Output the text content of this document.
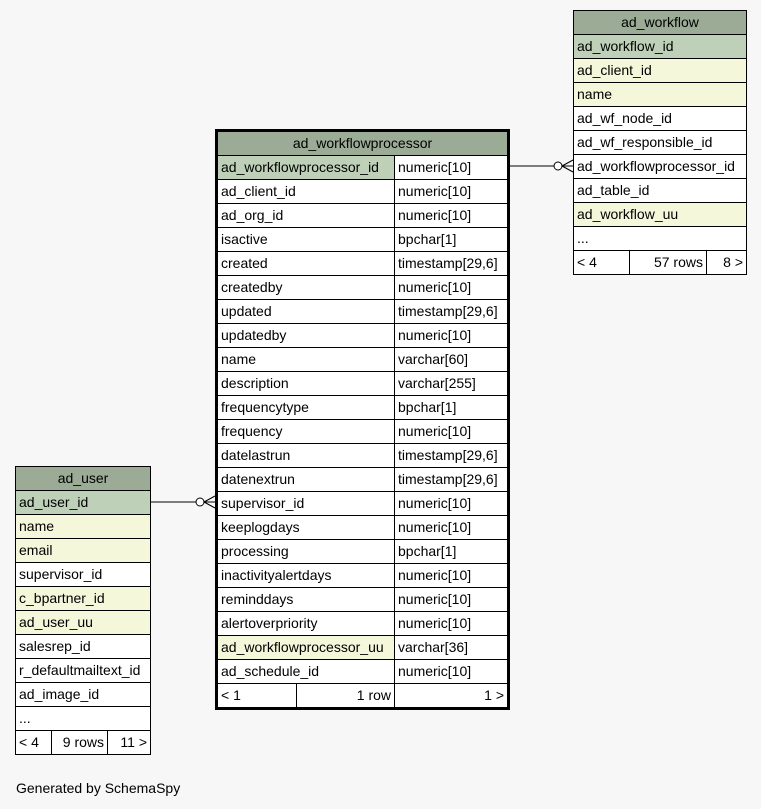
ad_workflow
ad_workflow_id
ad_client_id
name
ad_wf_node_id
ad_wf_responsible_id
ad_workflowprocessor_id
ad_table_id
ad_workflow_uu
...
< 4	57 rows	8 >
ad_workflowprocessor		
ad_workflowprocessor_id		numeric[10]
ad_client_id		numeric[10]
ad_org_id		numeric[10]
isactive		bpchar[1]
created		timestamp[29,6]
createdby		numeric[10]
updated		timestamp[29,6]
updatedby		numeric[10]
name		varchar[60]
description		varchar[255]
frequencytype		bpchar[1]
frequency		numeric[10]
datelastrun		timestamp[29,6]
datenextrun		timestamp[29,6]
supervisor_id		numeric[10]
keeplogdays		numeric[10]
processing		bpchar[1]
inactivityalertdays		numeric[10]
reminddays		numeric[10]
alertoverpriority		numeric[10]
ad_workflowprocessor_uu		varchar[36]
ad_schedule_id		numeric[10]
< 1	1 row	1 >
ad_user
ad_user_id
name
email
supervisor_id
c_bpartner_id
ad_user_uu
salesrep_id
r_defaultmailtext_id
ad_image_id
...
< 4	9 rows	11 >
Generated by SchemaSpy
